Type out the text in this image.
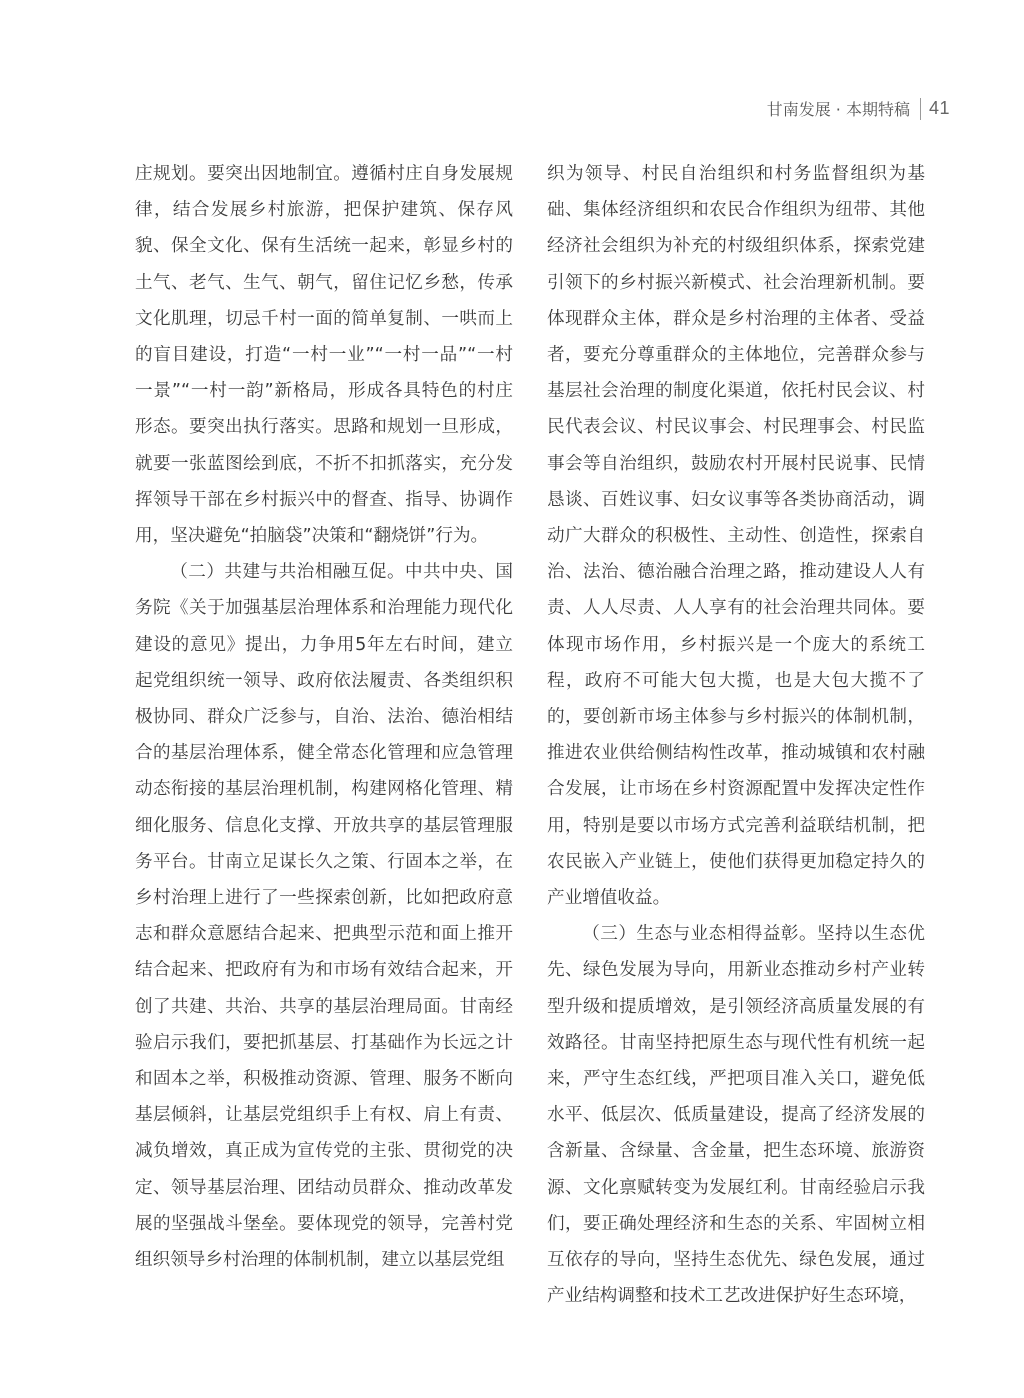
甘南发展 · 本期特稿 41

庄规划。要突出因地制宜。遵循村庄自身发展规律，结合发展乡村旅游，把保护建筑、保存风貌、保全文化、保有生活统一起来，彰显乡村的土气、老气、生气、朝气，留住记忆乡愁，传承文化肌理，切忌千村一面的简单复制、一哄而上的盲目建设，打造“一村一业”“一村一品”“一村一景”“一村一韵”新格局，形成各具特色的村庄形态。要突出执行落实。思路和规划一旦形成，就要一张蓝图绘到底，不折不扣抓落实，充分发挥领导干部在乡村振兴中的督查、指导、协调作用，坚决避免“拍脑袋”决策和“翻烧饼”行为。

（二）共建与共治相融互促。中共中央、国务院《关于加强基层治理体系和治理能力现代化建设的意见》提出，力争用5年左右时间，建立起党组织统一领导、政府依法履责、各类组织积极协同、群众广泛参与，自治、法治、德治相结合的基层治理体系，健全常态化管理和应急管理动态衔接的基层治理机制，构建网格化管理、精细化服务、信息化支撑、开放共享的基层管理服务平台。甘南立足谋长久之策、行固本之举，在乡村治理上进行了一些探索创新，比如把政府意志和群众意愿结合起来、把典型示范和面上推开结合起来、把政府有为和市场有效结合起来，开创了共建、共治、共享的基层治理局面。甘南经验启示我们，要把抓基层、打基础作为长远之计和固本之举，积极推动资源、管理、服务不断向基层倾斜，让基层党组织手上有权、肩上有责、减负增效，真正成为宣传党的主张、贯彻党的决定、领导基层治理、团结动员群众、推动改革发展的坚强战斗堡垒。要体现党的领导，完善村党组织领导乡村治理的体制机制，建立以基层党组

织为领导、村民自治组织和村务监督组织为基础、集体经济组织和农民合作组织为纽带、其他经济社会组织为补充的村级组织体系，探索党建引领下的乡村振兴新模式、社会治理新机制。要体现群众主体，群众是乡村治理的主体者、受益者，要充分尊重群众的主体地位，完善群众参与基层社会治理的制度化渠道，依托村民会议、村民代表会议、村民议事会、村民理事会、村民监事会等自治组织，鼓励农村开展村民说事、民情恳谈、百姓议事、妇女议事等各类协商活动，调动广大群众的积极性、主动性、创造性，探索自治、法治、德治融合治理之路，推动建设人人有责、人人尽责、人人享有的社会治理共同体。要体现市场作用，乡村振兴是一个庞大的系统工程，政府不可能大包大揽，也是大包大揽不了的，要创新市场主体参与乡村振兴的体制机制，推进农业供给侧结构性改革，推动城镇和农村融合发展，让市场在乡村资源配置中发挥决定性作用，特别是要以市场方式完善利益联结机制，把农民嵌入产业链上，使他们获得更加稳定持久的产业增值收益。

（三）生态与业态相得益彰。坚持以生态优先、绿色发展为导向，用新业态推动乡村产业转型升级和提质增效，是引领经济高质量发展的有效路径。甘南坚持把原生态与现代性有机统一起来，严守生态红线，严把项目准入关口，避免低水平、低层次、低质量建设，提高了经济发展的含新量、含绿量、含金量，把生态环境、旅游资源、文化禀赋转变为发展红利。甘南经验启示我们，要正确处理经济和生态的关系、牢固树立相互依存的导向，坚持生态优先、绿色发展，通过产业结构调整和技术工艺改进保护好生态环境，
